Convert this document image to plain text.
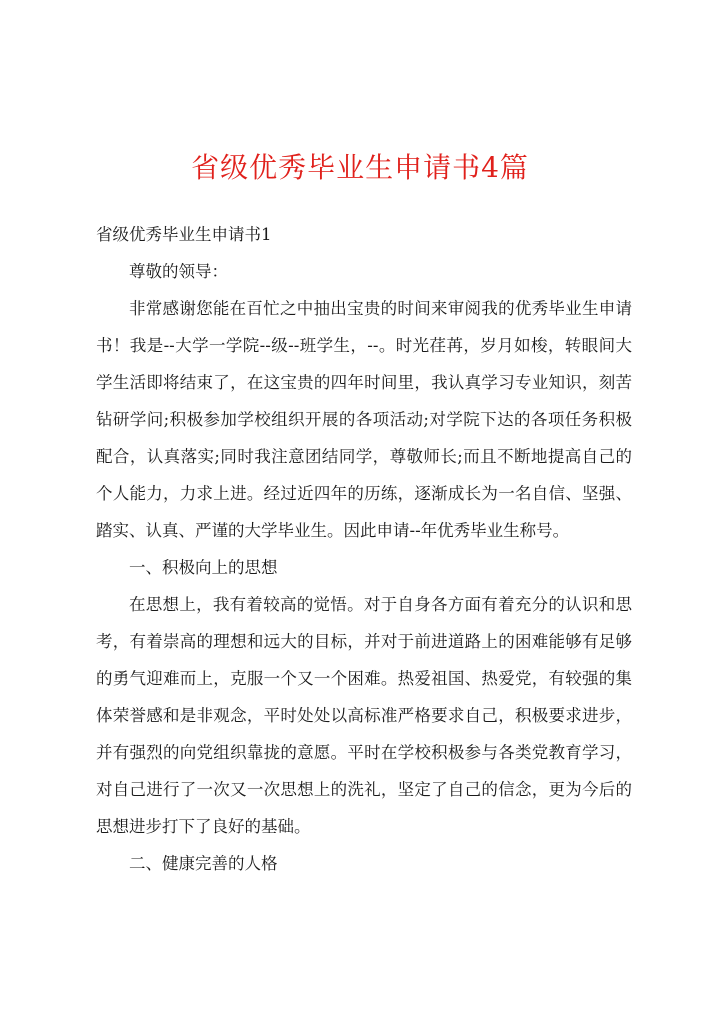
省级优秀毕业生申请书4篇

省级优秀毕业生申请书1

尊敬的领导：

非常感谢您能在百忙之中抽出宝贵的时间来审阅我的优秀毕业生申请书！我是--大学一学院--级--班学生，--。时光荏苒，岁月如梭，转眼间大学生活即将结束了，在这宝贵的四年时间里，我认真学习专业知识，刻苦钻研学问;积极参加学校组织开展的各项活动;对学院下达的各项任务积极配合，认真落实;同时我注意团结同学，尊敬师长;而且不断地提高自己的个人能力，力求上进。经过近四年的历练，逐渐成长为一名自信、坚强、踏实、认真、严谨的大学毕业生。因此申请--年优秀毕业生称号。

一、积极向上的思想

在思想上，我有着较高的觉悟。对于自身各方面有着充分的认识和思考，有着崇高的理想和远大的目标，并对于前进道路上的困难能够有足够的勇气迎难而上，克服一个又一个困难。热爱祖国、热爱党，有较强的集体荣誉感和是非观念，平时处处以高标准严格要求自己，积极要求进步，并有强烈的向党组织靠拢的意愿。平时在学校积极参与各类党教育学习，对自己进行了一次又一次思想上的洗礼，坚定了自己的信念，更为今后的思想进步打下了良好的基础。

二、健康完善的人格
